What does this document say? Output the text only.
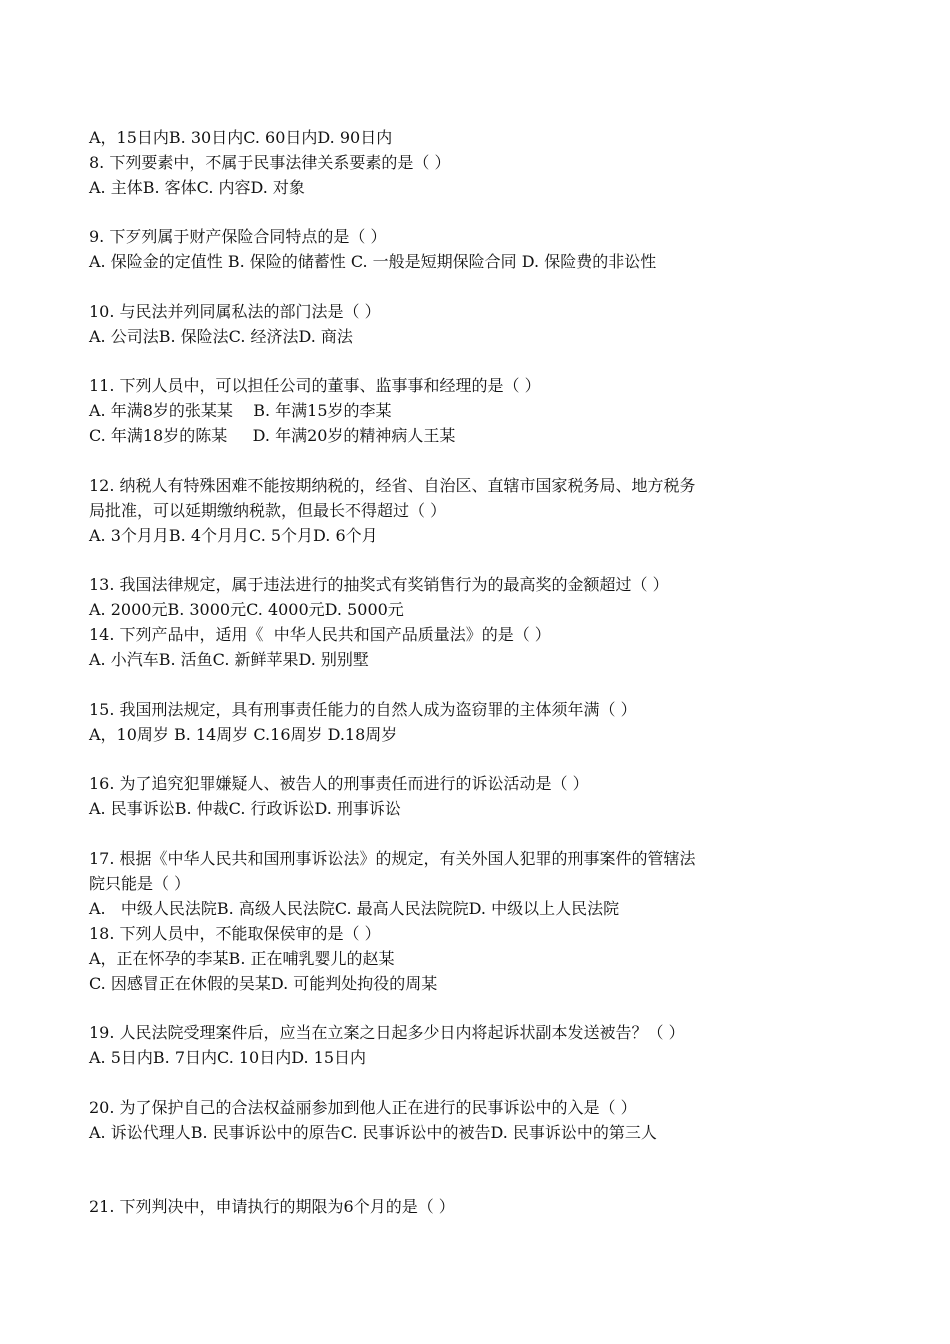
A，15日内B. 30日内C. 60日内D. 90日内
8. 下列要素中，不属于民事法律关系要素的是（ ）
A. 主体B. 客体C. 内容D. 对象
9. 下歹列属于财产保险合同特点的是（ ）
A. 保险金的定值性 B. 保险的储蓄性 C. 一般是短期保险合同 D. 保险费的非讼性
10. 与民法并列同属私法的部门法是（ ）
A. 公司法B. 保险法C. 经济法D. 商法
11. 下列人员中，可以担任公司的董事、监事事和经理的是（ ）
A. 年满8岁的张某某    B. 年满15岁的李某
C. 年满18岁的陈某     D. 年满20岁的精神病人王某
12. 纳税人有特殊困难不能按期纳税的，经省、自治区、直辖市国家税务局、地方税务
局批准，可以延期缴纳税款，但最长不得超过（ ）
A. 3个月月B. 4个月月C. 5个月D. 6个月
13. 我国法律规定，属于违法进行的抽奖式有奖销售行为的最高奖的金额超过（ ）
A. 2000元B. 3000元C. 4000元D. 5000元
14. 下列产品中，适用《  中华人民共和国产品质量法》的是（ ）
A. 小汽车B. 活鱼C. 新鲜苹果D. 别别墅
15. 我国刑法规定，具有刑事责任能力的自然人成为盗窃罪的主体须年满（ ）
A，10周岁 B. 14周岁 C.16周岁 D.18周岁
16. 为了追究犯罪嫌疑人、被告人的刑事责任而进行的诉讼活动是（ ）
A. 民事诉讼B. 仲裁C. 行政诉讼D. 刑事诉讼
17. 根据《中华人民共和国刑事诉讼法》的规定，有关外国人犯罪的刑事案件的管辖法
院只能是（ ）
A.   中级人民法院B. 高级人民法院C. 最高人民法院院D. 中级以上人民法院
18. 下列人员中，不能取保侯审的是（ ）
A，正在怀孕的李某B. 正在哺乳婴儿的赵某
C. 因感冒正在休假的吴某D. 可能判处拘役的周某
19. 人民法院受理案件后，应当在立案之日起多少日内将起诉状副本发送被告？（ ）
A. 5日内B. 7日内C. 10日内D. 15日内
20. 为了保护自己的合法权益丽参加到他人正在进行的民事诉讼中的入是（ ）
A. 诉讼代理人B. 民事诉讼中的原告C. 民事诉讼中的被告D. 民事诉讼中的第三人
21. 下列判决中，申请执行的期限为6个月的是（ ）
